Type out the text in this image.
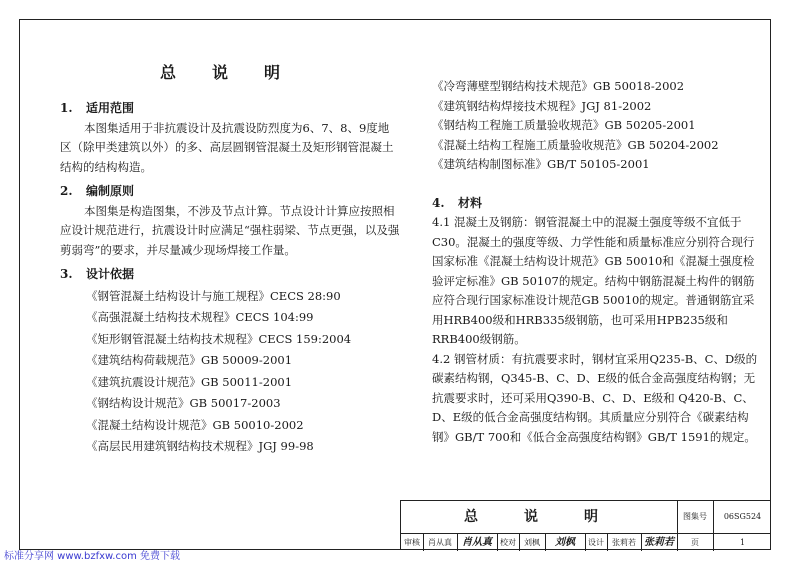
总　说　明
1. 适用范围
本图集适用于非抗震设计及抗震设防烈度为6、7、8、9度地区（除甲类建筑以外）的多、高层圆钢管混凝土及矩形钢管混凝土结构的结构构造。
2. 编制原则
本图集是构造图集，不涉及节点计算。节点设计计算应按照相应设计规范进行，抗震设计时应满足“强柱弱梁、节点更强，以及强剪弱弯”的要求，并尽量减少现场焊接工作量。
3. 设计依据
《钢管混凝土结构设计与施工规程》CECS 28:90
《高强混凝土结构技术规程》CECS 104:99
《矩形钢管混凝土结构技术规程》CECS 159:2004
《建筑结构荷载规范》GB 50009-2001
《建筑抗震设计规范》GB 50011-2001
《钢结构设计规范》GB 50017-2003
《混凝土结构设计规范》GB 50010-2002
《高层民用建筑钢结构技术规程》JGJ 99-98
《冷弯薄壁型钢结构技术规范》GB 50018-2002
《建筑钢结构焊接技术规程》JGJ 81-2002
《钢结构工程施工质量验收规范》GB 50205-2001
《混凝土结构工程施工质量验收规范》GB 50204-2002
《建筑结构制图标准》GB/T 50105-2001
4. 材料
4.1 混凝土及钢筋：钢管混凝土中的混凝土强度等级不宜低于C30。混凝土的强度等级、力学性能和质量标准应分别符合现行国家标准《混凝土结构设计规范》GB 50010和《混凝土强度检验评定标准》GB 50107的规定。结构中钢筋混凝土构件的钢筋应符合现行国家标准设计规范GB 50010的规定。普通钢筋宜采用HRB400级和HRB335级钢筋，也可采用HPB235级和RRB400级钢筋。
4.2 钢管材质：有抗震要求时，钢材宜采用Q235-B、C、D级的碳素结构钢，Q345-B、C、D、E级的低合金高强度结构钢；无抗震要求时，还可采用Q390-B、C、D、E级和 Q420-B、C、D、E级的低合金高强度结构钢。其质量应分别符合《碳素结构钢》GB/T 700和《低合金高强度结构钢》GB/T 1591的规定。
总　说　明	图集号	06SG524
审核	肖从真	肖从真	校对	刘枫	刘枫	设计	张莉若 张莉若	页	1
标准分享网 www.bzfxw.com 免费下载
